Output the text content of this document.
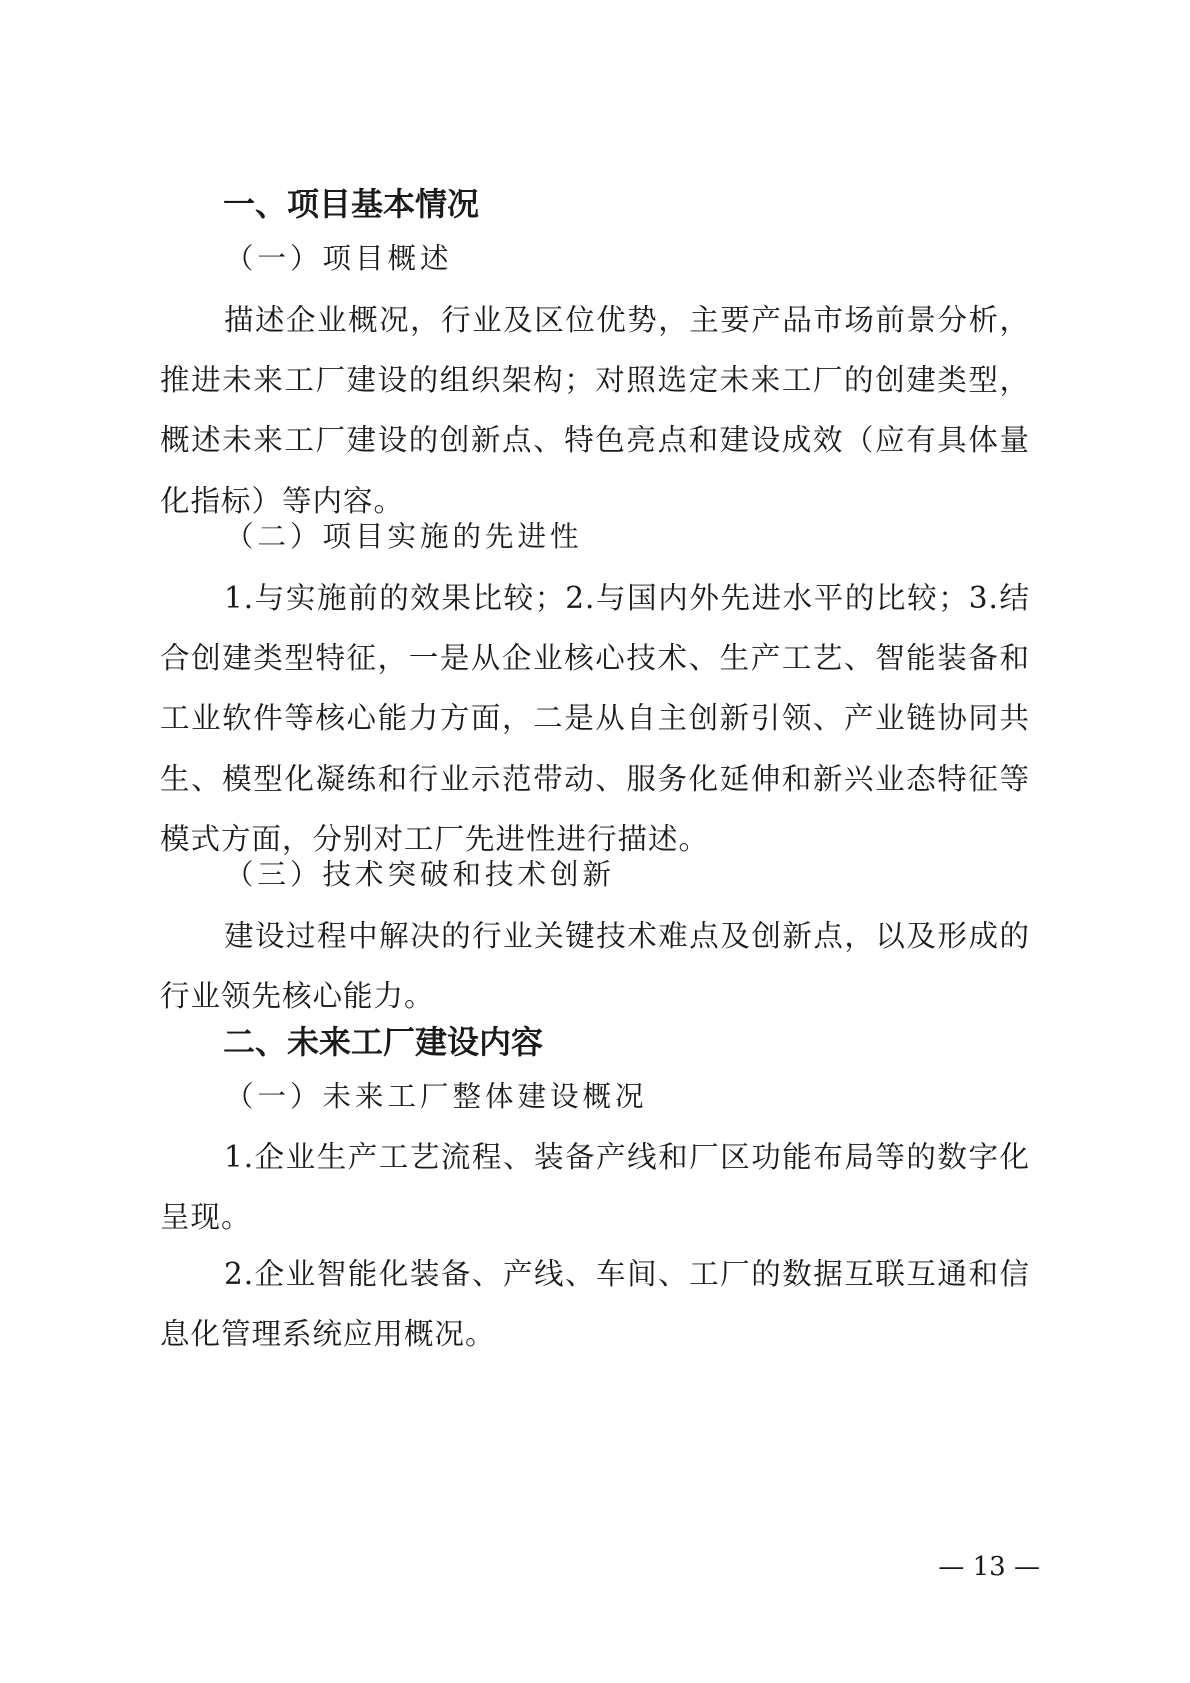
一、项目基本情况
（一）项目概述

描述企业概况，行业及区位优势，主要产品市场前景分析，推进未来工厂建设的组织架构；对照选定未来工厂的创建类型，概述未来工厂建设的创新点、特色亮点和建设成效（应有具体量化指标）等内容。

（二）项目实施的先进性

1.与实施前的效果比较；2.与国内外先进水平的比较；3.结合创建类型特征，一是从企业核心技术、生产工艺、智能装备和工业软件等核心能力方面，二是从自主创新引领、产业链协同共生、模型化凝练和行业示范带动、服务化延伸和新兴业态特征等模式方面，分别对工厂先进性进行描述。

（三）技术突破和技术创新

建设过程中解决的行业关键技术难点及创新点，以及形成的行业领先核心能力。

二、未来工厂建设内容
（一）未来工厂整体建设概况

1.企业生产工艺流程、装备产线和厂区功能布局等的数字化呈现。

2.企业智能化装备、产线、车间、工厂的数据互联互通和信息化管理系统应用概况。

— 13 —
